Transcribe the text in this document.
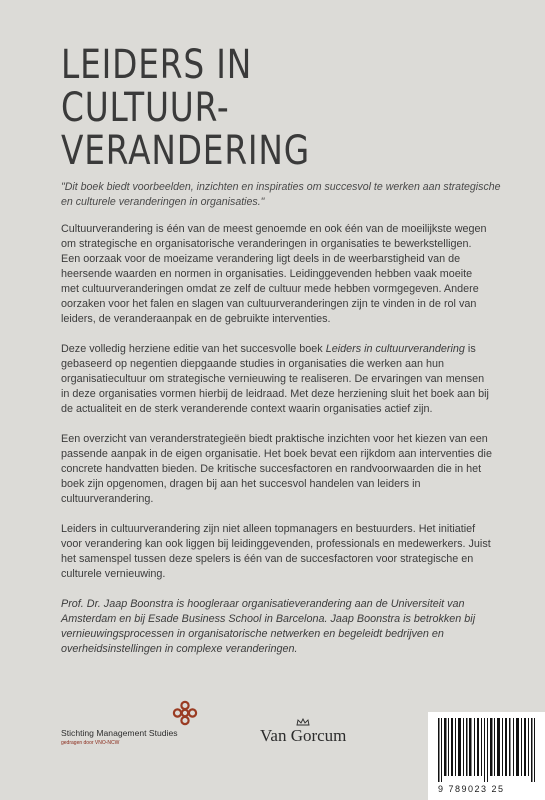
LEIDERS IN
CULTUUR-
VERANDERING

"Dit boek biedt voorbeelden, inzichten en inspiraties om succesvol te werken aan strategische en culturele veranderingen in organisaties."

Cultuurverandering is één van de meest genoemde en ook één van de moeilijkste wegen om strategische en organisatorische veranderingen in organisaties te bewerkstelligen. Een oorzaak voor de moeizame verandering ligt deels in de weerbarstigheid van de heersende waarden en normen in organisaties. Leidinggevenden hebben vaak moeite met cultuurveranderingen omdat ze zelf de cultuur mede hebben vormgegeven. Andere oorzaken voor het falen en slagen van cultuurveranderingen zijn te vinden in de rol van leiders, de veranderaanpak en de gebruikte interventies.

Deze volledig herziene editie van het succesvolle boek Leiders in cultuurverandering is gebaseerd op negentien diepgaande studies in organisaties die werken aan hun organisatiecultuur om strategische vernieuwing te realiseren. De ervaringen van mensen in deze organisaties vormen hierbij de leidraad. Met deze herziening sluit het boek aan bij de actualiteit en de sterk veranderende context waarin organisaties actief zijn.

Een overzicht van veranderstrategieën biedt praktische inzichten voor het kiezen van een passende aanpak in de eigen organisatie. Het boek bevat een rijkdom aan interventies die concrete handvatten bieden. De kritische succesfactoren en randvoorwaarden die in het boek zijn opgenomen, dragen bij aan het succesvol handelen van leiders in cultuurverandering.

Leiders in cultuurverandering zijn niet alleen topmanagers en bestuurders. Het initiatief voor verandering kan ook liggen bij leidinggevenden, professionals en medewerkers. Juist het samenspel tussen deze spelers is één van de succesfactoren voor strategische en culturele vernieuwing.

Prof. Dr. Jaap Boonstra is hoogleraar organisatieverandering aan de Universiteit van Amsterdam en bij Esade Business School in Barcelona. Jaap Boonstra is betrokken bij vernieuwingsprocessen in organisatorische netwerken en begeleidt bedrijven en overheidsinstellingen in complexe veranderingen.

Stichting Management Studies
gedragen door VNO-NCW	Van Gorcum
9 789023 25
